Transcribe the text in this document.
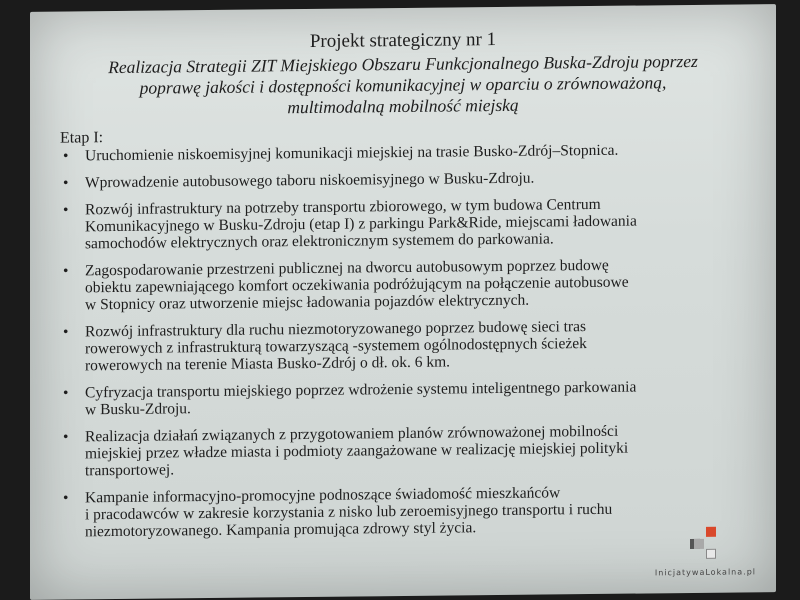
Projekt strategiczny nr 1

Realizacja Strategii ZIT Miejskiego Obszaru Funkcjonalnego Buska-Zdroju poprzez
poprawę jakości i dostępności komunikacyjnej w oparciu o zrównoważoną,
multimodalną mobilność miejską

Etap I:
• Uruchomienie niskoemisyjnej komunikacji miejskiej na trasie Busko-Zdrój–Stopnica.
• Wprowadzenie autobusowego taboru niskoemisyjnego w Busku-Zdroju.
• Rozwój infrastruktury na potrzeby transportu zbiorowego, w tym budowa Centrum
Komunikacyjnego w Busku-Zdroju (etap I) z parkingu Park&Ride, miejscami ładowania
samochodów elektrycznych oraz elektronicznym systemem do parkowania.
• Zagospodarowanie przestrzeni publicznej na dworcu autobusowym poprzez budowę
obiektu zapewniającego komfort oczekiwania podróżującym na połączenie autobusowe
w Stopnicy oraz utworzenie miejsc ładowania pojazdów elektrycznych.
• Rozwój infrastruktury dla ruchu niezmotoryzowanego poprzez budowę sieci tras
rowerowych z infrastrukturą towarzyszącą -systemem ogólnodostępnych ścieżek
rowerowych na terenie Miasta Busko-Zdrój o dł. ok. 6 km.
• Cyfryzacja transportu miejskiego poprzez wdrożenie systemu inteligentnego parkowania
w Busku-Zdroju.
• Realizacja działań związanych z przygotowaniem planów zrównoważonej mobilności
miejskiej przez władze miasta i podmioty zaangażowane w realizację miejskiej polityki
transportowej.
• Kampanie informacyjno-promocyjne podnoszące świadomość mieszkańców
i pracodawców w zakresie korzystania z nisko lub zeroemisyjnego transportu i ruchu
niezmotoryzowanego. Kampania promująca zdrowy styl życia.
InicjatywaLokalna.pl
